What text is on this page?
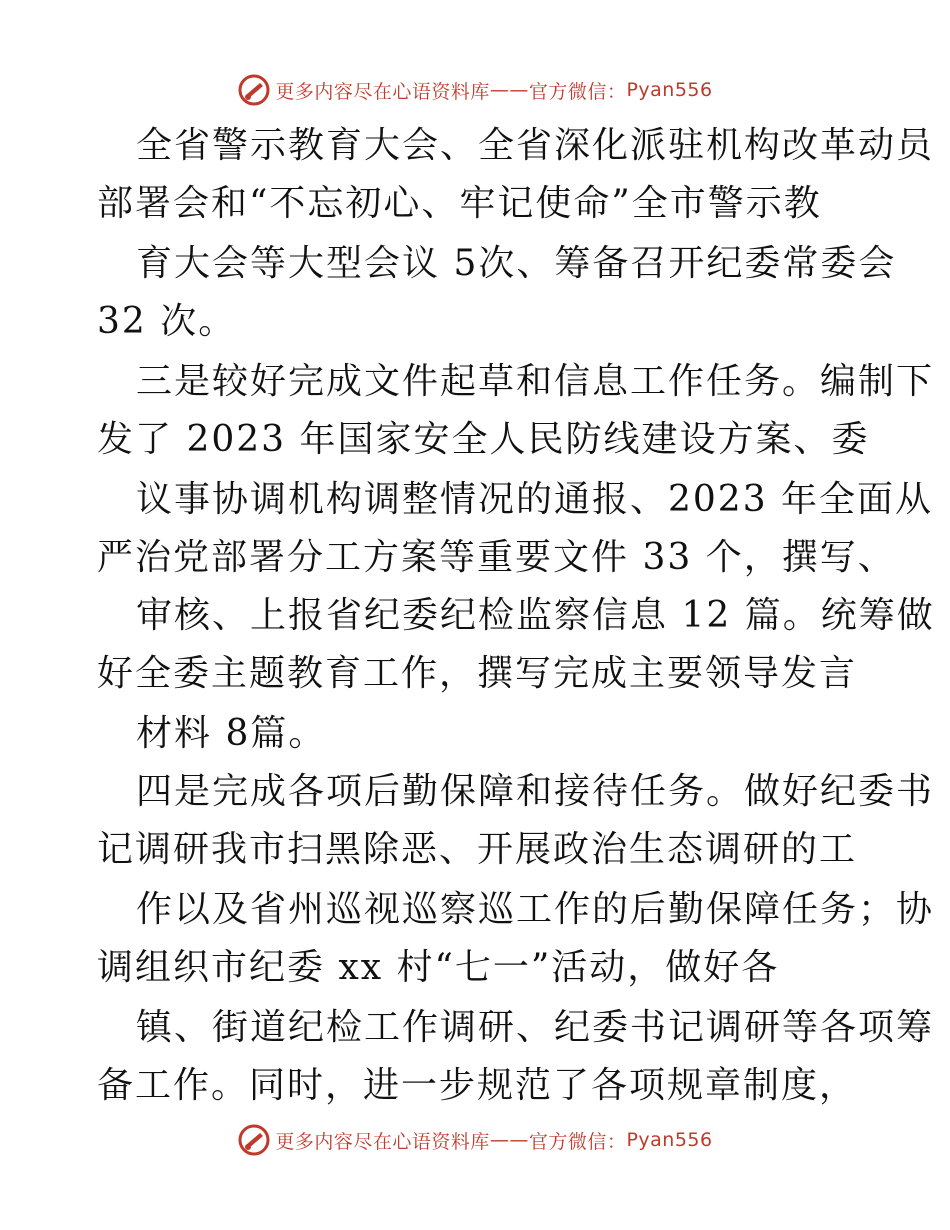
更多内容尽在心语资料库 —— 官方微信： Pyan556
全省警示教育大会、全省深化派驻机构改革动员
部署会和“不忘初心、牢记使命”全市警示教
育大会等大型会议 5次、筹备召开纪委常委会
32 次。
三是较好完成文件起草和信息工作任务。编制下
发了 2023 年国家安全人民防线建设方案、委
议事协调机构调整情况的通报、2023 年全面从
严治党部署分工方案等重要文件 33 个，撰写、
审核、上报省纪委纪检监察信息 12 篇。统筹做
好全委主题教育工作，撰写完成主要领导发言
材料 8篇。
四是完成各项后勤保障和接待任务。做好纪委书
记调研我市扫黑除恶、开展政治生态调研的工
作以及省州巡视巡察巡工作的后勤保障任务；协
调组织市纪委 xx 村“七一”活动，做好各
镇、街道纪检工作调研、纪委书记调研等各项筹
备工作。同时，进一步规范了各项规章制度，
更多内容尽在心语资料库 —— 官方微信： Pyan556
